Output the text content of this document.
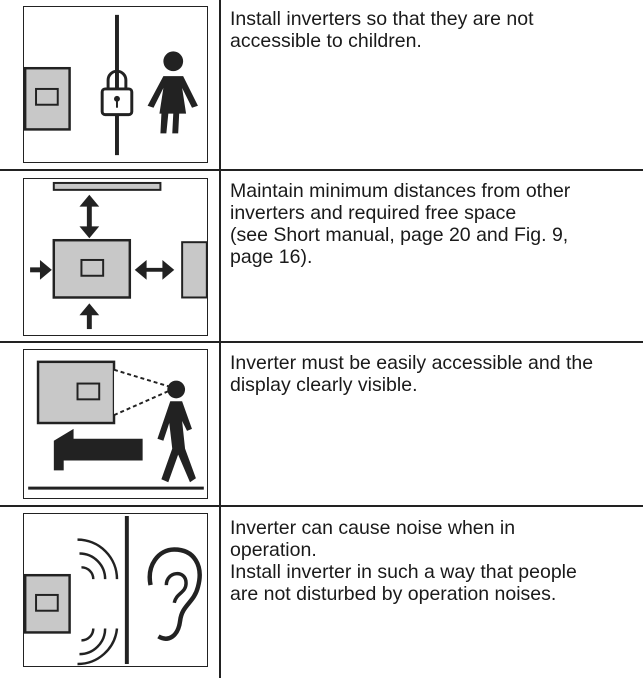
Install inverters so that they are not
accessible to children.
Maintain minimum distances from other
inverters and required free space
(see Short manual, page 20 and Fig. 9,
page 16).
Inverter must be easily accessible and the
display clearly visible.
Inverter can cause noise when in
operation.
Install inverter in such a way that people
are not disturbed by operation noises.
